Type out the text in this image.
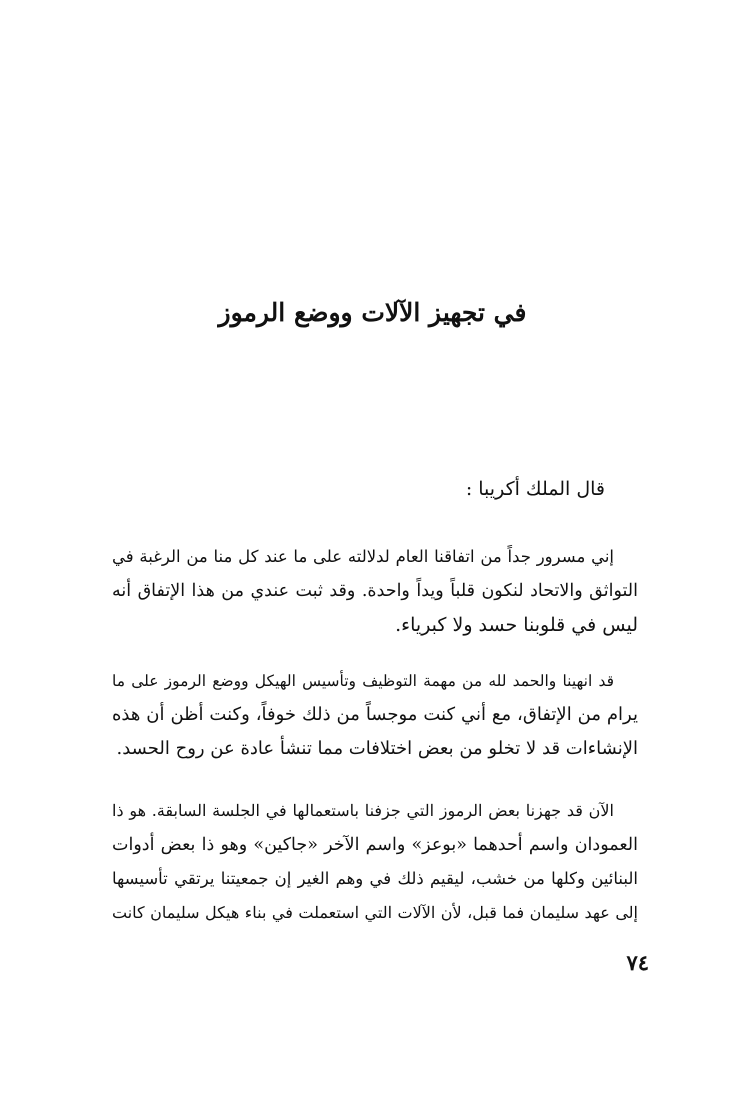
في تجهيز الآلات ووضع الرموز

قال الملك أكريبا :

إني مسرور جداً من اتفاقنا العام لدلالته على ما عند كل منا من الرغبة في
التواثق والاتحاد لنكون قلباً ويداً واحدة. وقد ثبت عندي من هذا الإتفاق أنه
ليس في قلوبنا حسد ولا كبرياء.
قد انهينا والحمد لله من مهمة التوظيف وتأسيس الهيكل ووضع الرموز على ما
يرام من الإتفاق، مع أني كنت موجساً من ذلك خوفاً، وكنت أظن أن هذه
الإنشاءات قد لا تخلو من بعض اختلافات مما تنشأ عادة عن روح الحسد.
الآن قد جهزنا بعض الرموز التي جزفنا باستعمالها في الجلسة السابقة. هو ذا
العمودان واسم أحدهما «بوعز» واسم الآخر «جاكين» وهو ذا بعض أدوات
البنائين وكلها من خشب، ليقيم ذلك في وهم الغير إن جمعيتنا يرتقي تأسيسها
إلى عهد سليمان فما قبل، لأن الآلات التي استعملت في بناء هيكل سليمان كانت

٧٤
